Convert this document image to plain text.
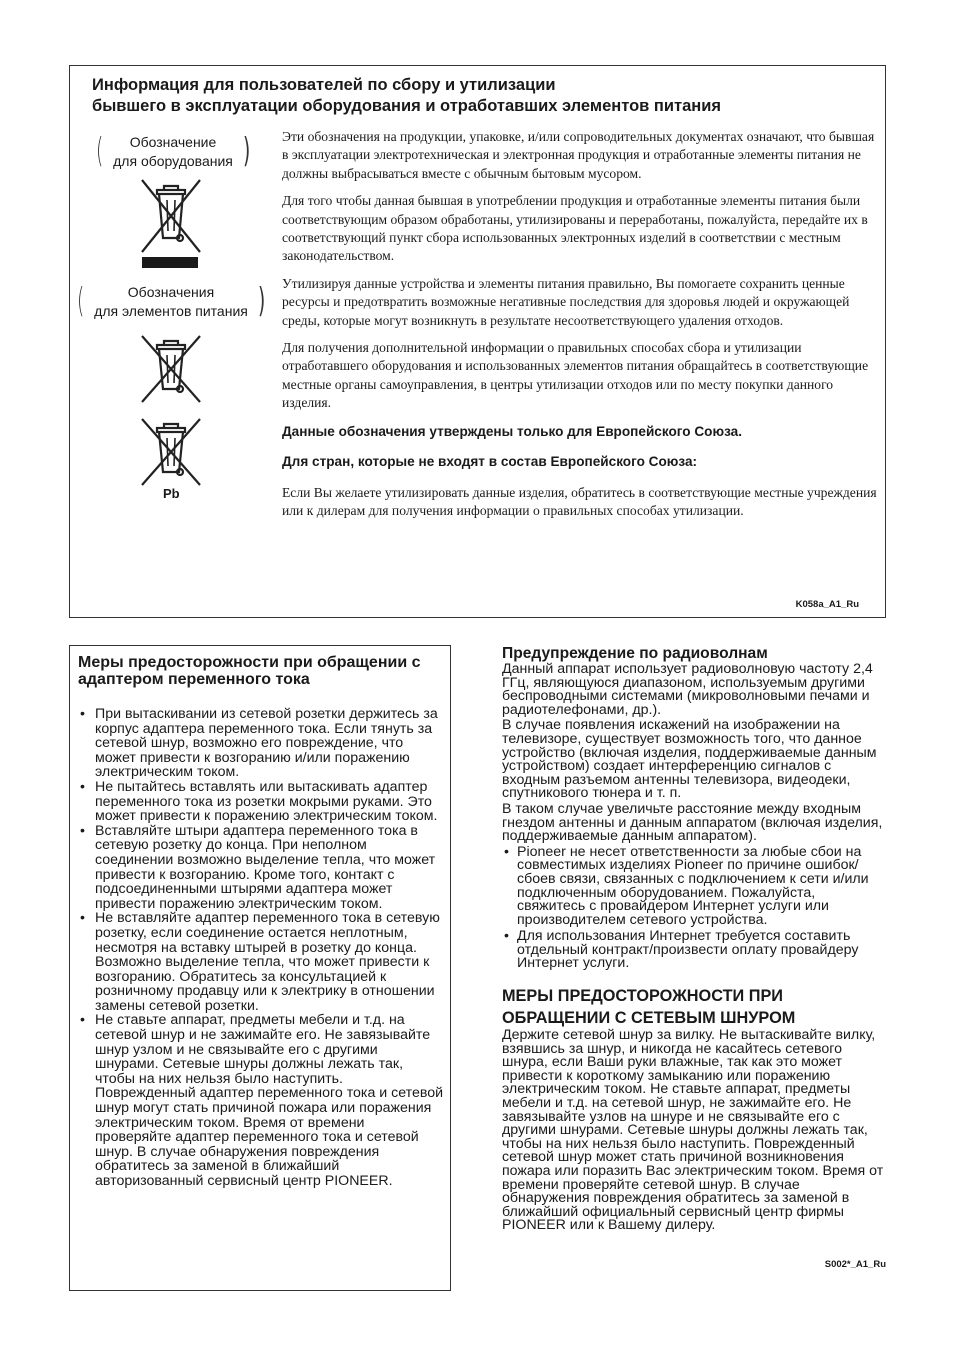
Информация для пользователей по сбору и утилизации
бывшего в эксплуатации оборудования и отработавших элементов питания
(	Обозначение
для оборудования )
(	Обозначения
для элементов питания )
Pb

Эти обозначения на продукции, упаковке, и/или сопроводительных документах означают, что бывшая в эксплуатации электротехническая и электронная продукция и отработанные элементы питания не должны выбрасываться вместе с обычным бытовым мусором.

Для того чтобы данная бывшая в употреблении продукция и отработанные элементы питания были соответствующим образом обработаны, утилизированы и переработаны, пожалуйста, передайте их в соответствующий пункт сбора использованных электронных изделий в соответствии с местным законодательством.

Утилизируя данные устройства и элементы питания правильно, Вы помогаете сохранить ценные ресурсы и предотвратить возможные негативные последствия для здоровья людей и окружающей среды, которые могут возникнуть в результате несоответствующего удаления отходов.

Для получения дополнительной информации о правильных способах сбора и утилизации отработавшего оборудования и использованных элементов питания обращайтесь в соответствующие местные органы самоуправления, в центры утилизации отходов или по месту покупки данного изделия.

Данные обозначения утверждены только для Европейского Союза.

Для стран, которые не входят в состав Европейского Союза:

Если Вы желаете утилизировать данные изделия, обратитесь в соответствующие местные учреждения или к дилерам для получения информации о правильных способах утилизации.

K058a_A1_Ru
Меры предосторожности при обращении с адаптером переменного тока
• При вытаскивании из сетевой розетки держитесь за корпус адаптера переменного тока. Если тянуть за сетевой шнур, возможно его повреждение, что может привести к возгоранию и/или поражению электрическим током.
• Не пытайтесь вставлять или вытаскивать адаптер переменного тока из розетки мокрыми руками. Это может привести к поражению электрическим током.
• Вставляйте штыри адаптера переменного тока в сетевую розетку до конца. При неполном соединении возможно выделение тепла, что может привести к возгоранию. Кроме того, контакт с подсоединенными штырями адаптера может привести поражению электрическим током.
• Не вставляйте адаптер переменного тока в сетевую розетку, если соединение остается неплотным, несмотря на вставку штырей в розетку до конца. Возможно выделение тепла, что может привести к возгоранию. Обратитесь за консультацией к розничному продавцу или к электрику в отношении замены сетевой розетки.
• Не ставьте аппарат, предметы мебели и т.д. на сетевой шнур и не зажимайте его. Не завязывайте шнур узлом и не связывайте его с другими шнурами. Сетевые шнуры должны лежать так, чтобы на них нельзя было наступить. Поврежденный адаптер переменного тока и сетевой шнур могут стать причиной пожара или поражения электрическим током. Время от времени проверяйте адаптер переменного тока и сетевой шнур. В случае обнаружения повреждения обратитесь за заменой в ближайший авторизованный сервисный центр PIONEER.
Предупреждение по радиоволнам

Данный аппарат использует радиоволновую частоту 2,4 ГГц, являющуюся диапазоном, используемым другими беспроводными системами (микроволновыми печами и радиотелефонами, др.).

В случае появления искажений на изображении на телевизоре, существует возможность того, что данное устройство (включая изделия, поддерживаемые данным устройством) создает интерференцию сигналов с входным разъемом антенны телевизора, видеодеки, спутникового тюнера и т. п.

В таком случае увеличьте расстояние между входным гнездом антенны и данным аппаратом (включая изделия, поддерживаемые данным аппаратом).

• Pioneer не несет ответственности за любые сбои на совместимых изделиях Pioneer по причине ошибок/сбоев связи, связанных с подключением к сети и/или подключенным оборудованием. Пожалуйста, свяжитесь с провайдером Интернет услуги или производителем сетевого устройства.
• Для использования Интернет требуется составить отдельный контракт/произвести оплату провайдеру Интернет услуги.
МЕРЫ ПРЕДОСТОРОЖНОСТИ ПРИ
ОБРАЩЕНИИ С СЕТЕВЫМ ШНУРОМ

Держите сетевой шнур за вилку. Не вытаскивайте вилку, взявшись за шнур, и никогда не касайтесь сетевого шнура, если Ваши руки влажные, так как это может привести к короткому замыканию или поражению электрическим током. Не ставьте аппарат, предметы мебели и т.д. на сетевой шнур, не зажимайте его. Не завязывайте узлов на шнуре и не связывайте его с другими шнурами. Сетевые шнуры должны лежать так, чтобы на них нельзя было наступить. Поврежденный сетевой шнур может стать причиной возникновения пожара или поразить Вас электрическим током. Время от времени проверяйте сетевой шнур. В случае обнаружения повреждения обратитесь за заменой в ближайший официальный сервисный центр фирмы PIONEER или к Вашему дилеру.

S002*_A1_Ru
